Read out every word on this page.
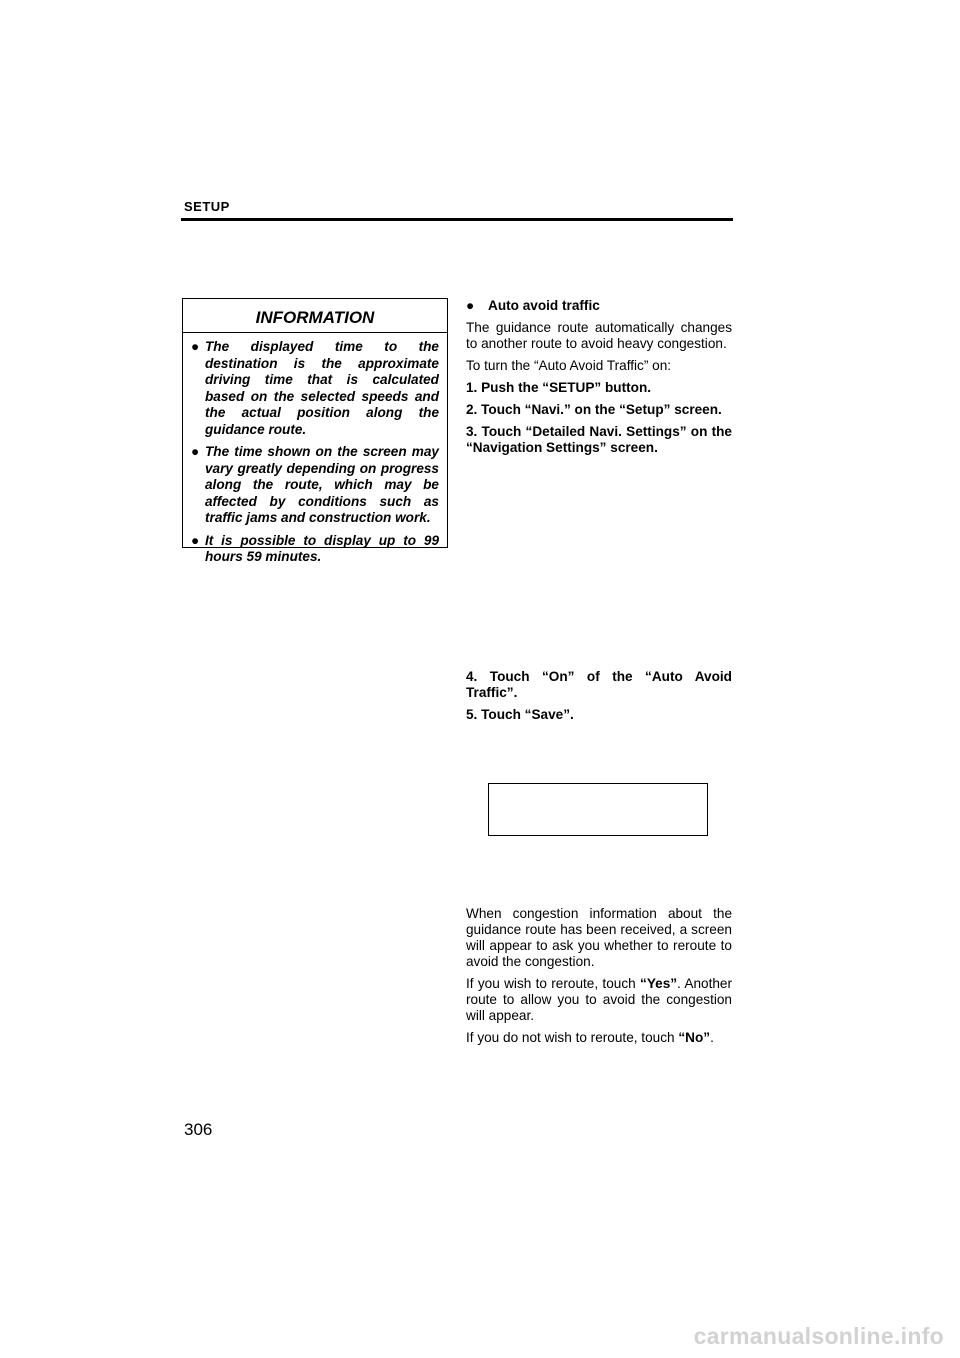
SETUP
INFORMATION
● The displayed time to the destination is the approximate driving time that is calculated based on the selected speeds and the actual position along the guidance route.
● The time shown on the screen may vary greatly depending on progress along the route, which may be affected by conditions such as traffic jams and construction work.
● It is possible to display up to 99 hours 59 minutes.

● Auto avoid traffic

The guidance route automatically changes to another route to avoid heavy congestion.

To turn the “Auto Avoid Traffic” on:

1. Push the “SETUP” button.

2. Touch “Navi.” on the “Setup” screen.

3. Touch “Detailed Navi. Settings” on the “Navigation Settings” screen.

4. Touch “On” of the “Auto Avoid Traffic”.

5. Touch “Save”.

When congestion information about the guidance route has been received, a screen will appear to ask you whether to reroute to avoid the congestion.

If you wish to reroute, touch “Yes”. Another route to allow you to avoid the congestion will appear.

If you do not wish to reroute, touch “No”.

306
carmanualsonline.info
